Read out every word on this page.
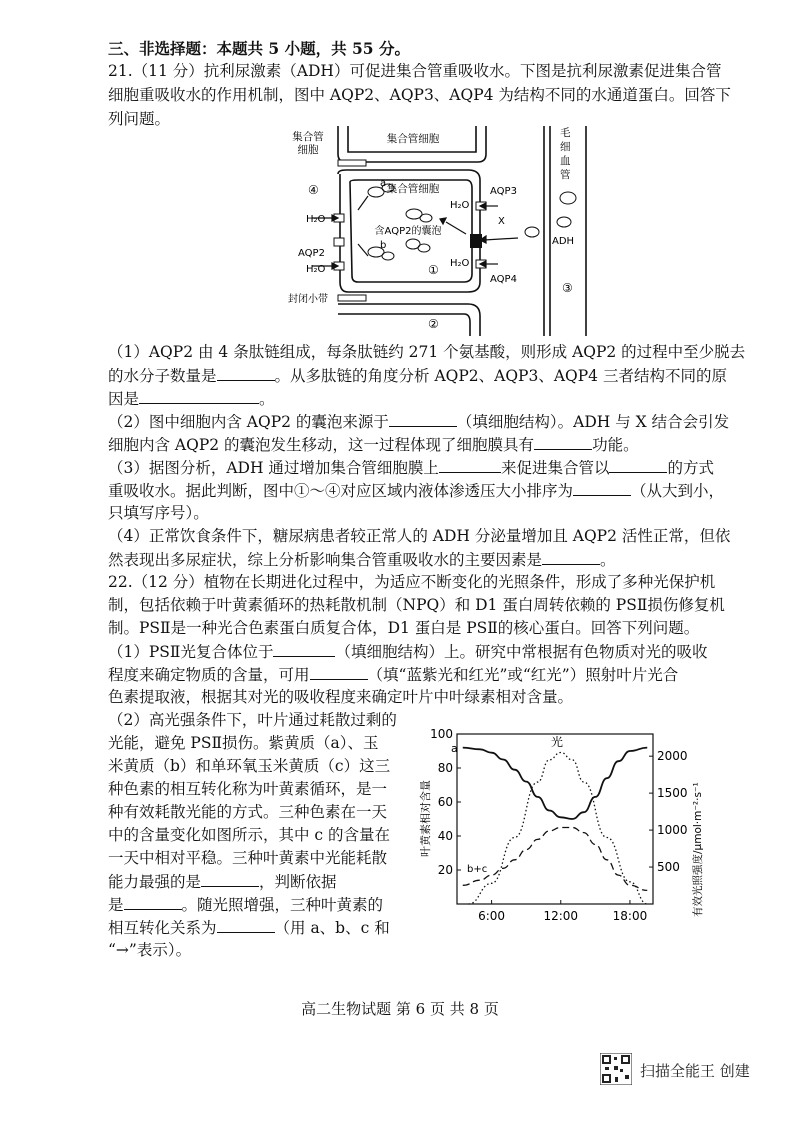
三、非选择题：本题共 5 小题，共 55 分。
21.（11 分）抗利尿激素（ADH）可促进集合管重吸收水。下图是抗利尿激素促进集合管
细胞重吸收水的作用机制，图中 AQP2、AQP3、AQP4 为结构不同的水通道蛋白。回答下
列问题。
集合管
细胞
集合管细胞
集合管细胞
毛
细
血
管
含AQP2的囊泡
AQP2
AQP3
AQP4
ADH
X
H₂O
H₂O
H₂O
H₂O
a
b
封闭小带
①
②
③
④
（1）AQP2 由 4 条肽链组成，每条肽链约 271 个氨基酸，则形成 AQP2 的过程中至少脱去
的水分子数量是	。从多肽链的角度分析 AQP2、AQP3、AQP4 三者结构不同的原
因是	。
（2）图中细胞内含 AQP2 的囊泡来源于	（填细胞结构）。ADH 与 X 结合会引发
细胞内含 AQP2 的囊泡发生移动，这一过程体现了细胞膜具有	功能。
（3）据图分析，ADH 通过增加集合管细胞膜上	来促进集合管以	的方式
重吸收水。据此判断，图中①～④对应区域内液体渗透压大小排序为	（从大到小，
只填写序号）。
（4）正常饮食条件下，糖尿病患者较正常人的 ADH 分泌量增加且 AQP2 活性正常，但依
然表现出多尿症状，综上分析影响集合管重吸收水的主要因素是	。
22.（12 分）植物在长期进化过程中，为适应不断变化的光照条件，形成了多种光保护机
制，包括依赖于叶黄素循环的热耗散机制（NPQ）和 D1 蛋白周转依赖的 PSⅡ损伤修复机
制。PSⅡ是一种光合色素蛋白质复合体，D1 蛋白是 PSⅡ的核心蛋白。回答下列问题。
（1）PSⅡ光复合体位于	（填细胞结构）上。研究中常根据有色物质对光的吸收
程度来确定物质的含量，可用	（填“蓝紫光和红光”或“红光”）照射叶片光合
色素提取液，根据其对光的吸收程度来确定叶片中叶绿素相对含量。
（2）高光强条件下，叶片通过耗散过剩的
光能，避免 PSⅡ损伤。紫黄质（a）、玉
米黄质（b）和单环氧玉米黄质（c）这三
种色素的相互转化称为叶黄素循环，是一
种有效耗散光能的方式。三种色素在一天
中的含量变化如图所示，其中 c 的含量在
一天中相对平稳。三种叶黄素中光能耗散
能力最强的是	，判断依据
是	。随光照增强，三种叶黄素的
相互转化关系为	（用 a、b、c 和
“→”表示）。
100
80
60
40
20
2000
1500
1000
500
6:00	12:00	18:00
a	光
b+c
叶黄素相对含量	有效光照强度/μmol·m⁻²·s⁻¹
高二生物试题 第 6 页 共 8 页
扫描全能王 创建
